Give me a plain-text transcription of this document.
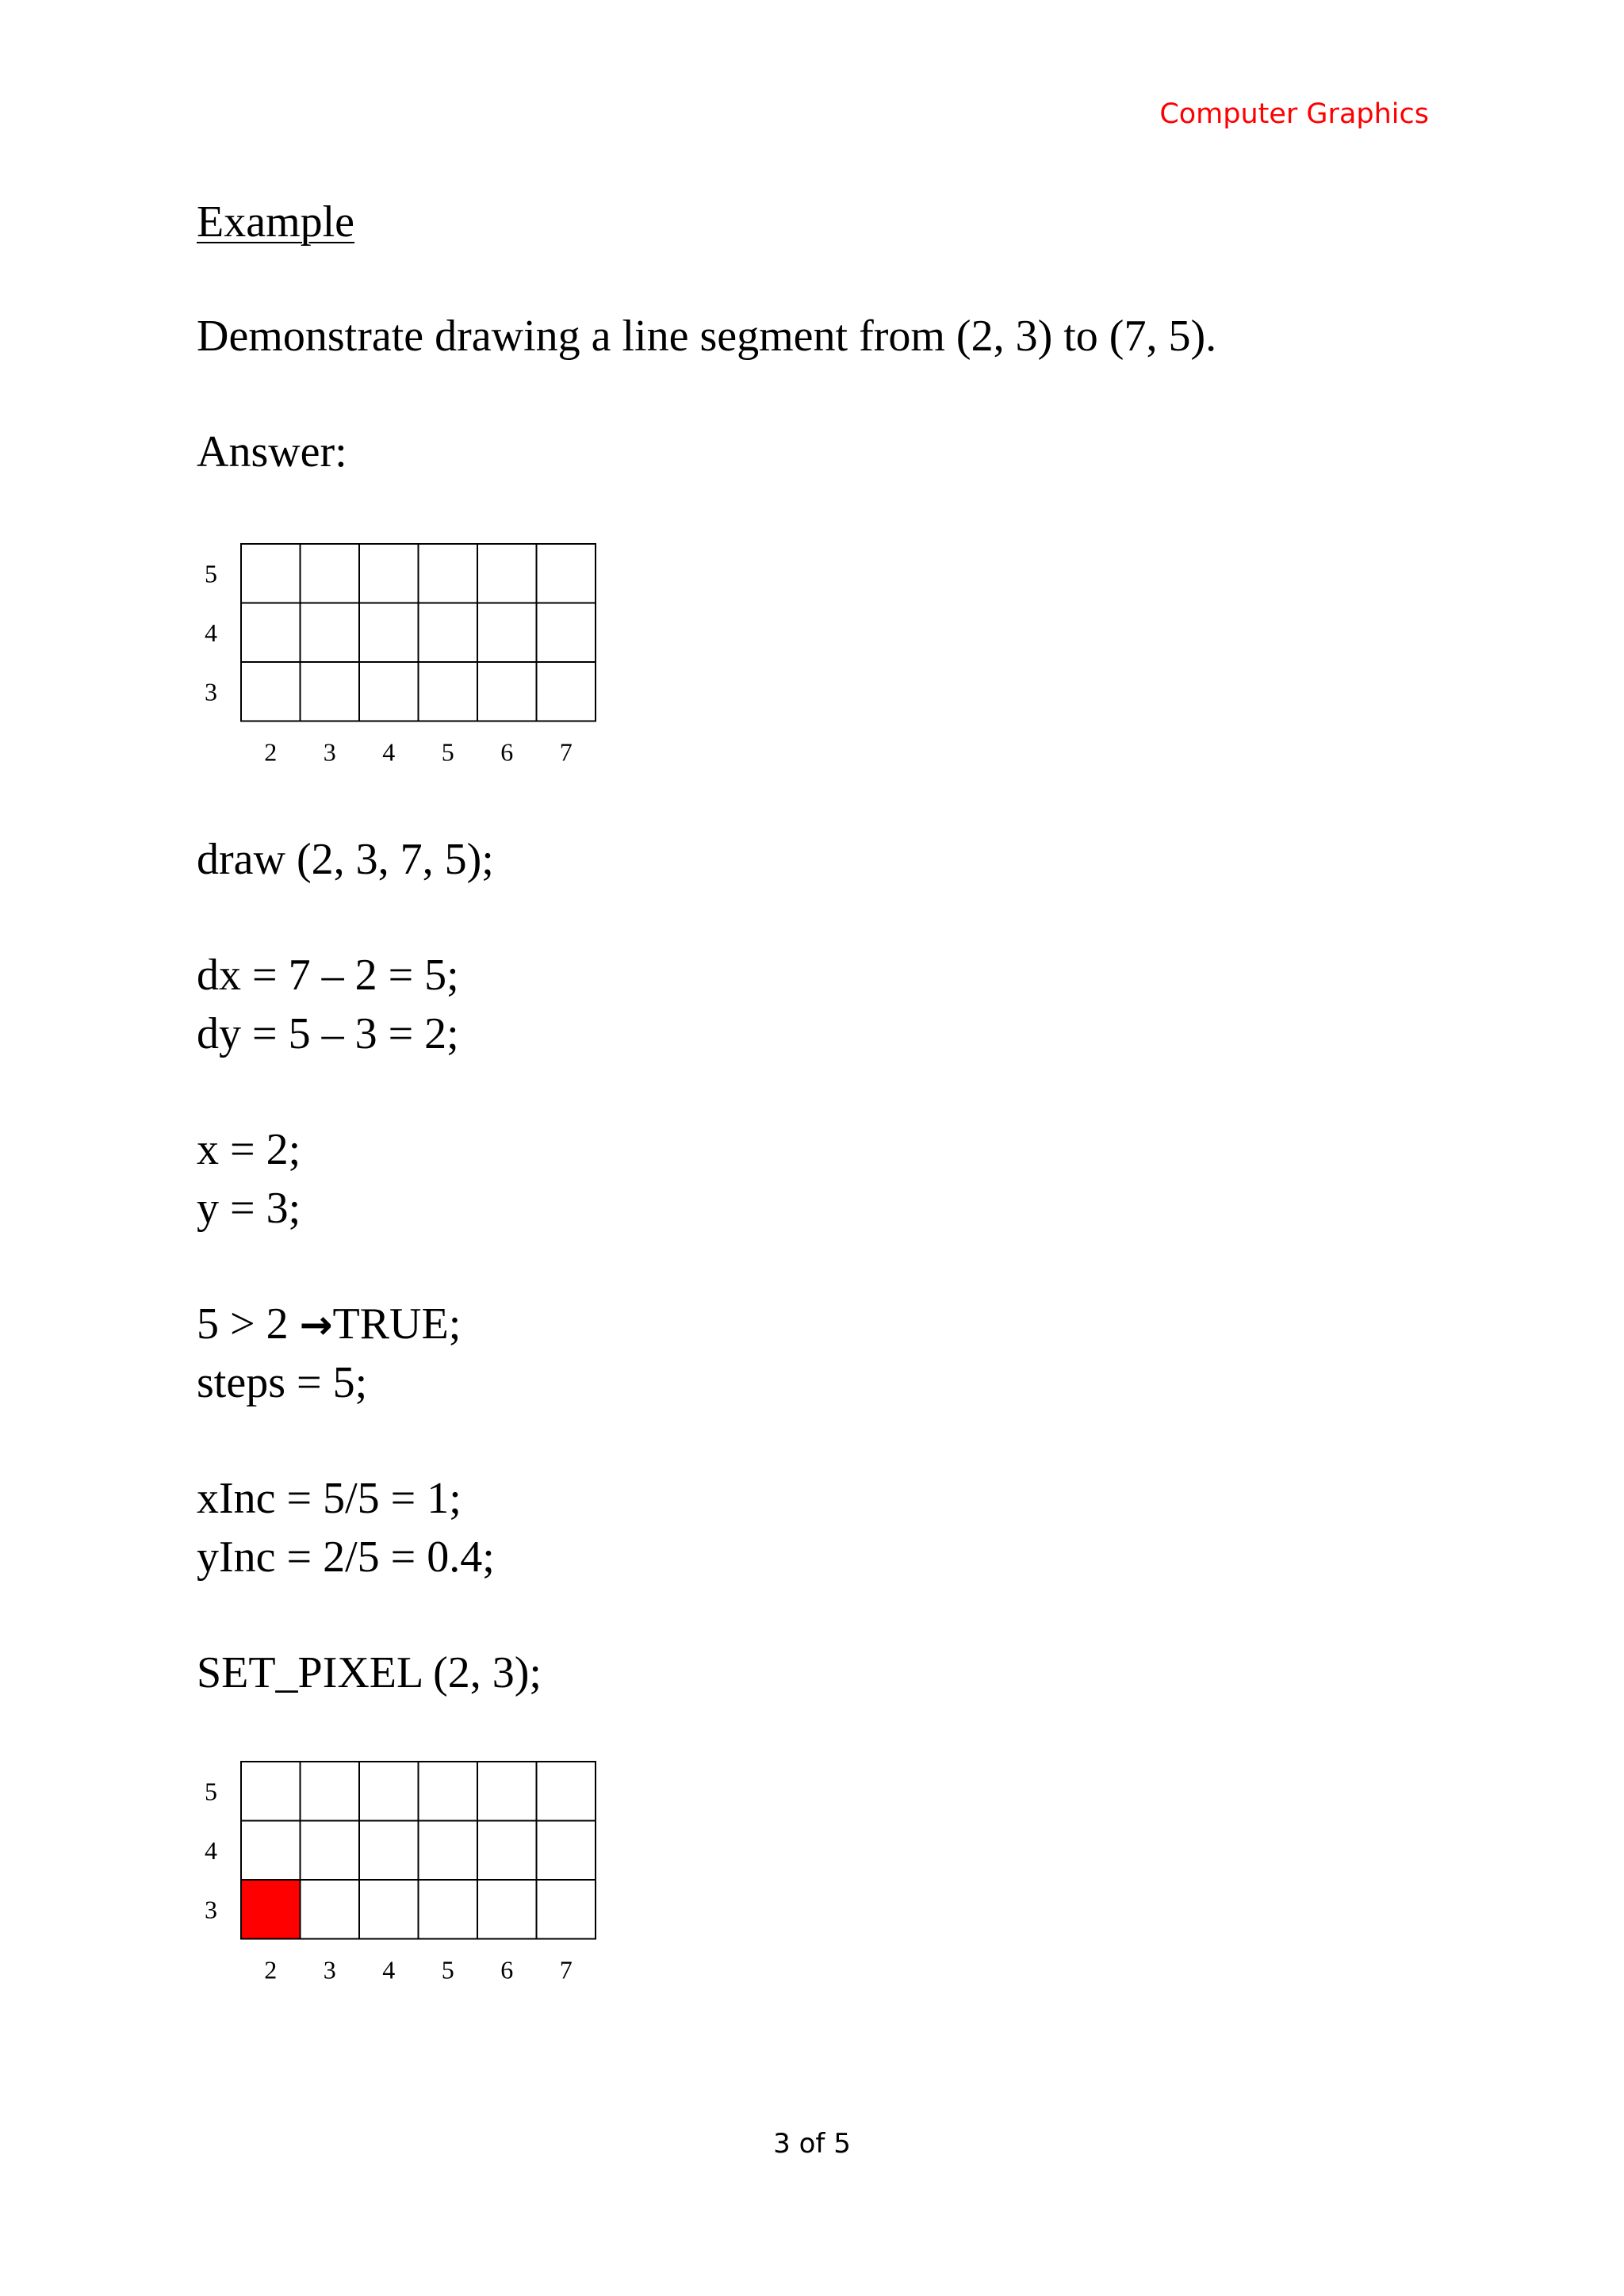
Computer Graphics
Example
Demonstrate drawing a line segment from (2, 3) to (7, 5).
Answer:
5
4
3
2 3 4 5 6 7
draw (2, 3, 7, 5);
dx = 7 – 2 = 5;
dy = 5 – 3 = 2;
x = 2;
y = 3;
5 > 2 →TRUE;
steps = 5;
xInc = 5/5 = 1;
yInc = 2/5 = 0.4;
SET_PIXEL (2, 3);
5
4
3
2 3 4 5 6 7
3 of 5
